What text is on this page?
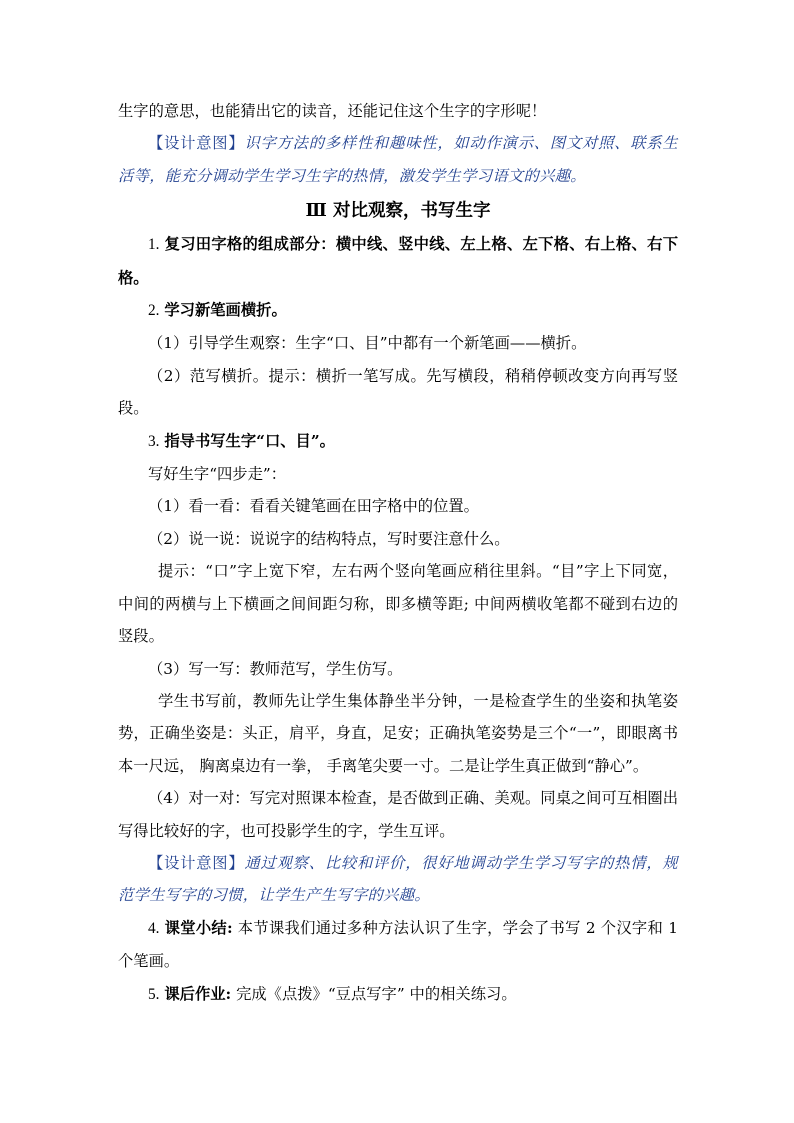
生字的意思，也能猜出它的读音，还能记住这个生字的字形呢！

【设计意图】识字方法的多样性和趣味性，如动作演示、图文对照、联系生活等，能充分调动学生学习生字的热情，激发学生学习语文的兴趣。

Ⅲ 对比观察，书写生字

1. 复习田字格的组成部分：横中线、竖中线、左上格、左下格、右上格、右下格。

2. 学习新笔画横折。

（1）引导学生观察：生字“口、目”中都有一个新笔画——横折。

（2）范写横折。提示：横折一笔写成。先写横段，稍稍停顿改变方向再写竖段。

3. 指导书写生字“口、目”。

写好生字“四步走”：

（1）看一看：看看关键笔画在田字格中的位置。

（2）说一说：说说字的结构特点，写时要注意什么。

提示：“口”字上宽下窄，左右两个竖向笔画应稍往里斜。“目”字上下同宽，中间的两横与上下横画之间间距匀称，即多横等距; 中间两横收笔都不碰到右边的竖段。

（3）写一写：教师范写，学生仿写。

学生书写前，教师先让学生集体静坐半分钟，一是检查学生的坐姿和执笔姿势，正确坐姿是：头正，肩平，身直，足安；正确执笔姿势是三个“一”，即眼离书本一尺远， 胸离桌边有一拳， 手离笔尖要一寸。二是让学生真正做到“静心”。

（4）对一对：写完对照课本检查，是否做到正确、美观。同桌之间可互相圈出写得比较好的字，也可投影学生的字，学生互评。

【设计意图】通过观察、比较和评价，很好地调动学生学习写字的热情，规范学生写字的习惯，让学生产生写字的兴趣。

4. 课堂小结: 本节课我们通过多种方法认识了生字，学会了书写 2 个汉字和 1 个笔画。

5. 课后作业: 完成《点拨》“豆点写字” 中的相关练习。
